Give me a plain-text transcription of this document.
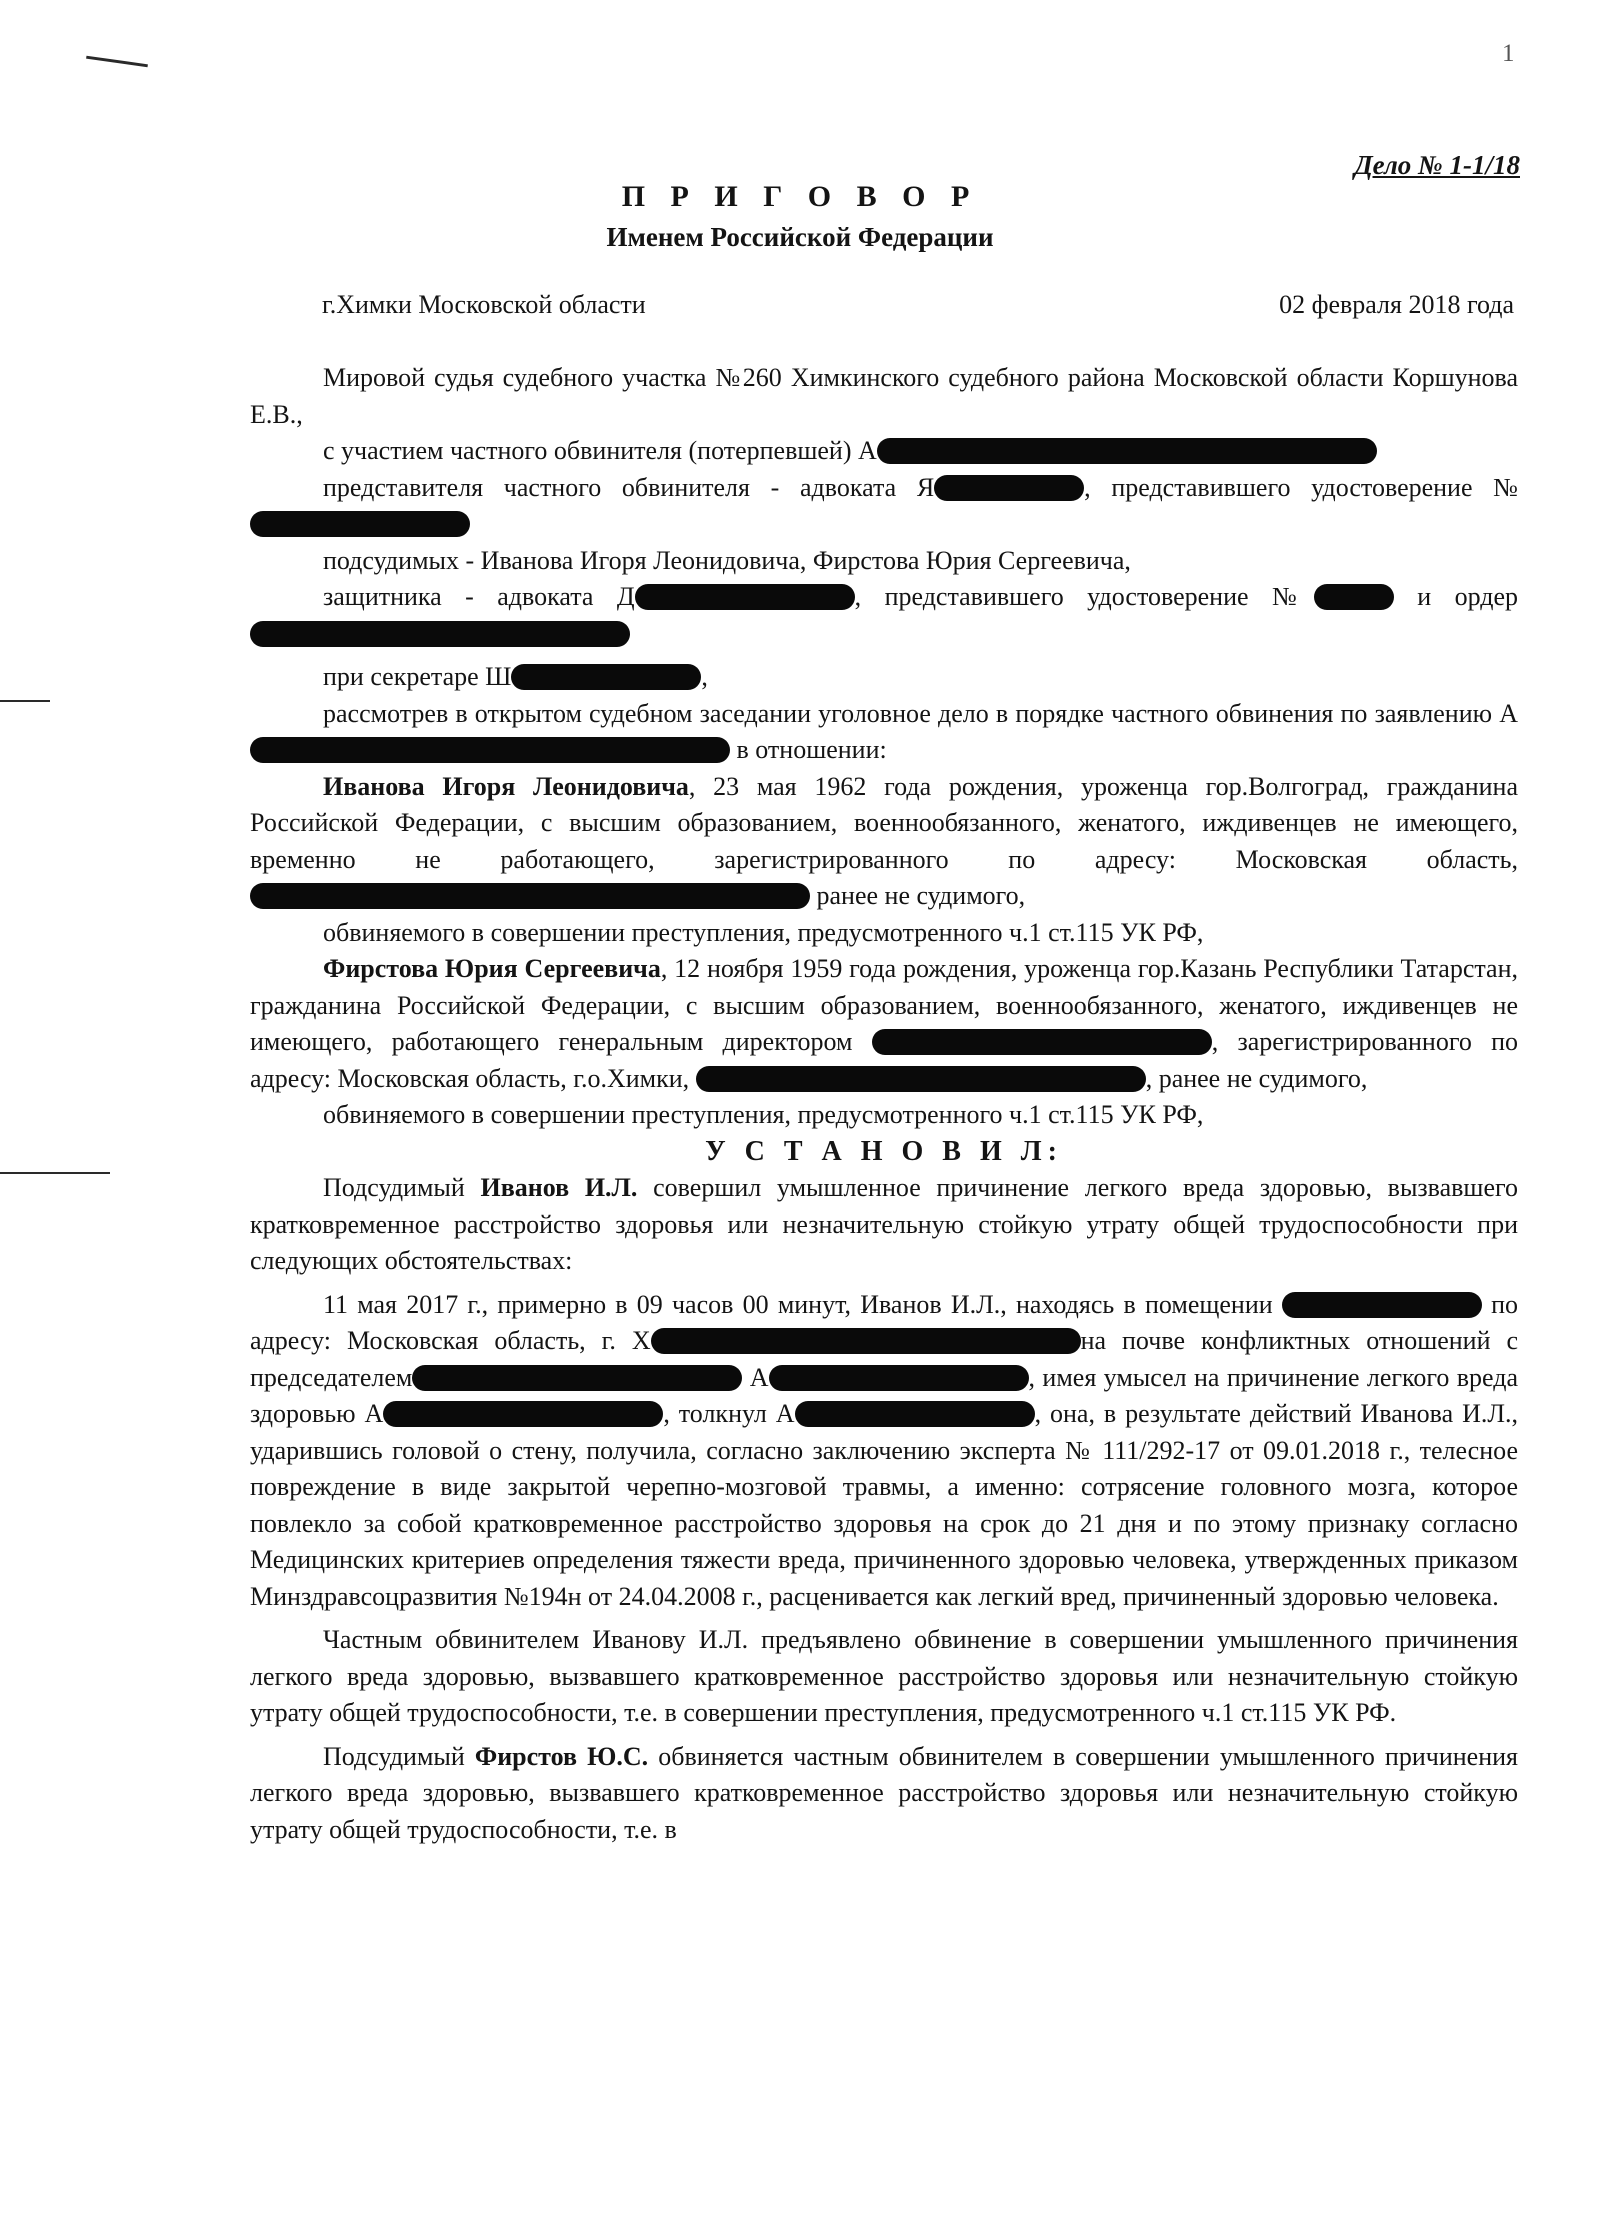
1
Дело № 1-1/18
П Р И Г О В О Р
Именем Российской Федерации
г.Химки Московской области	02 февраля 2018 года

Мировой судья судебного участка №260 Химкинского судебного района Московской области Коршунова Е.В.,

с участием частного обвинителя (потерпевшей) А

представителя частного обвинителя - адвоката Я	, представившего удостоверение №

подсудимых - Иванова Игоря Леонидовича, Фирстова Юрия Сергеевича,

защитника - адвоката Д	, представившего удостоверение №	и ордер

при секретаре Ш	,

рассмотрев в открытом судебном заседании уголовное дело в порядке частного обвинения по заявлению А в отношении:

Иванова Игоря Леонидовича, 23 мая 1962 года рождения, уроженца гор.Волгоград, гражданина Российской Федерации, с высшим образованием, военнообязанного, женатого, иждивенцев не имеющего, временно не работающего, зарегистрированного по адресу: Московская область,  ранее не судимого,

обвиняемого в совершении преступления, предусмотренного ч.1 ст.115 УК РФ,

Фирстова Юрия Сергеевича, 12 ноября 1959 года рождения, уроженца гор.Казань Республики Татарстан, гражданина Российской Федерации, с высшим образованием, военнообязанного, женатого, иждивенцев не имеющего, работающего генеральным директором	, зарегистрированного по адресу: Московская область, г.о.Химки,	, ранее не судимого,

обвиняемого в совершении преступления, предусмотренного ч.1 ст.115 УК РФ,

У С Т А Н О В И Л:

Подсудимый Иванов И.Л. совершил умышленное причинение легкого вреда здоровью, вызвавшего кратковременное расстройство здоровья или незначительную стойкую утрату общей трудоспособности при следующих обстоятельствах:

11 мая 2017 г., примерно в 09 часов 00 минут, Иванов И.Л., находясь в помещении	по адресу: Московская область, г. Х	на почве конфликтных отношений с председателем	А	, имея умысел на причинение легкого вреда здоровью А	, толкнул А	, она, в результате действий Иванова И.Л., ударившись головой о стену, получила, согласно заключению эксперта № 111/292-17 от 09.01.2018 г., телесное повреждение в виде закрытой черепно-мозговой травмы, а именно: сотрясение головного мозга, которое повлекло за собой кратковременное расстройство здоровья на срок до 21 дня и по этому признаку согласно Медицинских критериев определения тяжести вреда, причиненного здоровью человека, утвержденных приказом Минздравсоцразвития №194н от 24.04.2008 г., расценивается как легкий вред, причиненный здоровью человека.

Частным обвинителем Иванову И.Л. предъявлено обвинение в совершении умышленного причинения легкого вреда здоровью, вызвавшего кратковременное расстройство здоровья или незначительную стойкую утрату общей трудоспособности, т.е. в совершении преступления, предусмотренного ч.1 ст.115 УК РФ.

Подсудимый Фирстов Ю.С. обвиняется частным обвинителем в совершении умышленного причинения легкого вреда здоровью, вызвавшего кратковременное расстройство здоровья или незначительную стойкую утрату общей трудоспособности, т.е. в
